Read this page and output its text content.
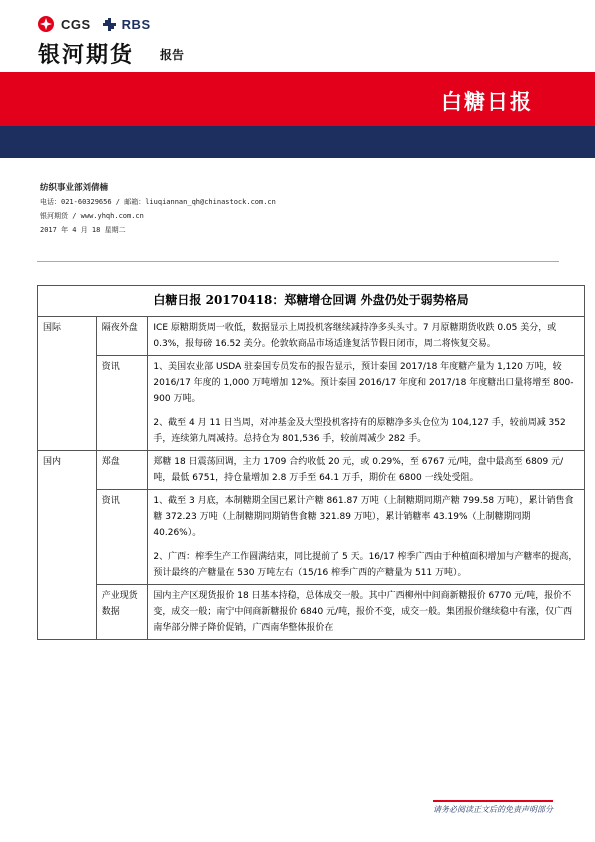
CGS RBS
银河期货 报告
白糖日报
纺织事业部刘倩楠
电话：021-60329656 / 邮箱：liuqiannan_qh@chinastock.com.cn
银河期货 / www.yhqh.com.cn
2017 年 4 月 18 星期二
白糖日报 20170418：郑糖增仓回调 外盘仍处于弱势格局		
国际	隔夜外盘	ICE 原糖期货周一收低，数据显示上周投机客继续减持净多头头寸。7 月原糖期货收跌 0.05 美分，或 0.3%，报每磅 16.52 美分。伦敦软商品市场适逢复活节假日闭市，周二将恢复交易。

	资讯	1、美国农业部 USDA 驻泰国专员发布的报告显示，预计泰国 2017/18 年度糖产量为 1,120 万吨，较 2016/17 年度的 1,000 万吨增加 12%。预计泰国 2016/17 年度和 2017/18 年度糖出口量将增至 800-900 万吨。

2、截至 4 月 11 日当周，对冲基金及大型投机客持有的原糖净多头仓位为 104,127 手，较前周减 352 手，连续第九周减持。总持仓为 801,536 手，较前周减少 282 手。

国内	郑盘	郑糖 18 日震荡回调，主力 1709 合约收低 20 元，或 0.29%，至 6767 元/吨，盘中最高至 6809 元/吨，最低 6751，持仓量增加 2.8 万手至 64.1 万手，期价在 6800 一线处受阻。

	资讯	1、截至 3 月底，本制糖期全国已累计产糖 861.87 万吨（上制糖期同期产糖 799.58 万吨），累计销售食糖 372.23 万吨（上制糖期同期销售食糖 321.89 万吨），累计销糖率 43.19%（上制糖期同期 40.26%）。

2、广西：榨季生产工作圆满结束，同比提前了 5 天。16/17 榨季广西由于种植面积增加与产糖率的提高，预计最终的产糖量在 530 万吨左右（15/16 榨季广西的产糖量为 511 万吨）。

	产业现货数据	国内主产区现货报价 18 日基本持稳，总体成交一般。其中广西柳州中间商新糖报价 6770 元/吨，报价不变，成交一般；南宁中间商新糖报价 6840 元/吨，报价不变，成交一般。集团报价继续稳中有涨，仅广西南华部分牌子降价促销，广西南华整体报价在

请务必阅读正文后的免责声明部分
